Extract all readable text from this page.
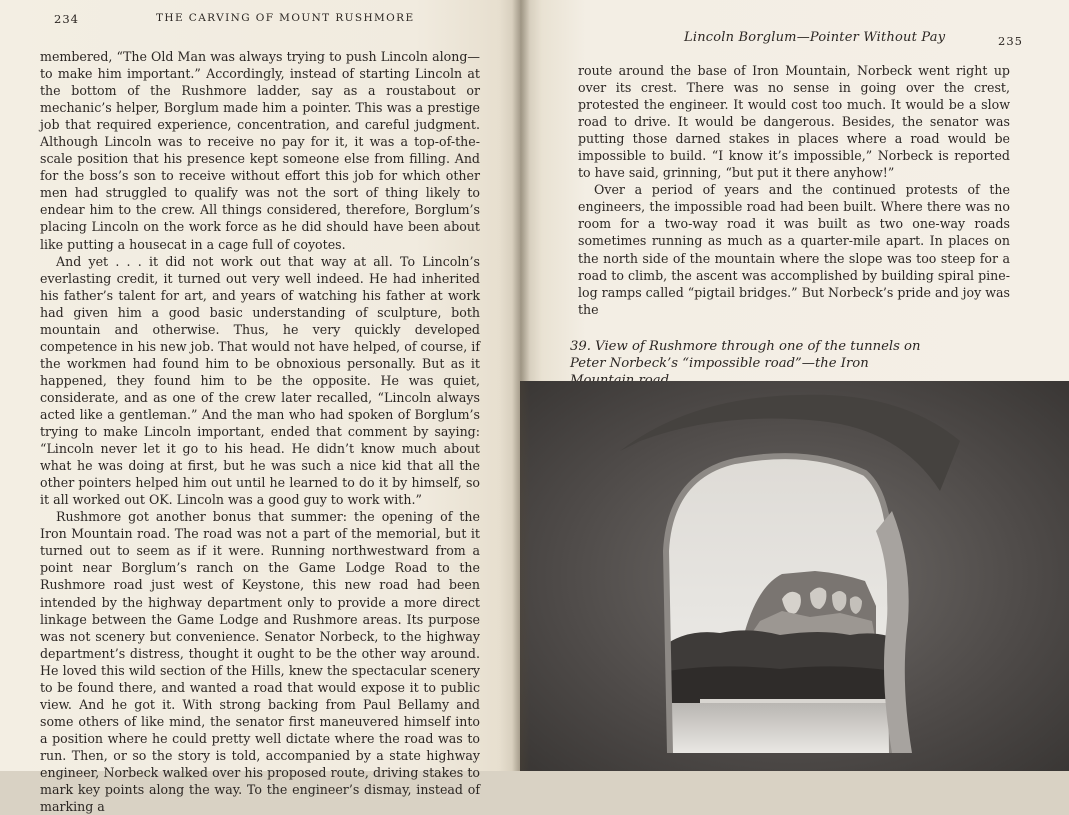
234	THE CARVING OF MOUNT RUSHMORE

membered, “The Old Man was always trying to push Lincoln along—to make him important.” Accordingly, instead of starting Lincoln at the bottom of the Rushmore ladder, say as a roustabout or mechanic’s helper, Borglum made him a pointer. This was a prestige job that required experience, concentration, and careful judgment. Although Lincoln was to receive no pay for it, it was a top-of-the-scale position that his presence kept someone else from filling. And for the boss’s son to receive without effort this job for which other men had struggled to qualify was not the sort of thing likely to endear him to the crew. All things considered, therefore, Borglum’s placing Lincoln on the work force as he did should have been about like putting a housecat in a cage full of coyotes.

And yet . . . it did not work out that way at all. To Lincoln’s everlasting credit, it turned out very well indeed. He had inherited his father’s talent for art, and years of watching his father at work had given him a good basic understanding of sculpture, both mountain and otherwise. Thus, he very quickly developed competence in his new job. That would not have helped, of course, if the workmen had found him to be obnoxious personally. But as it happened, they found him to be the opposite. He was quiet, considerate, and as one of the crew later recalled, “Lincoln always acted like a gentleman.” And the man who had spoken of Borglum’s trying to make Lincoln important, ended that comment by saying: “Lincoln never let it go to his head. He didn’t know much about what he was doing at first, but he was such a nice kid that all the other pointers helped him out until he learned to do it by himself, so it all worked out OK. Lincoln was a good guy to work with.”

Rushmore got another bonus that summer: the opening of the Iron Mountain road. The road was not a part of the memorial, but it turned out to seem as if it were. Running northwestward from a point near Borglum’s ranch on the Game Lodge Road to the Rushmore road just west of Keystone, this new road had been intended by the highway department only to provide a more direct linkage between the Game Lodge and Rushmore areas. Its purpose was not scenery but convenience. Senator Norbeck, to the highway department’s distress, thought it ought to be the other way around. He loved this wild section of the Hills, knew the spectacular scenery to be found there, and wanted a road that would expose it to public view. And he got it. With strong backing from Paul Bellamy and some others of like mind, the senator first maneuvered himself into a position where he could pretty well dictate where the road was to run. Then, or so the story is told, accompanied by a state highway engineer, Norbeck walked over his proposed route, driving stakes to mark key points along the way. To the engineer’s dismay, instead of marking a

Lincoln Borglum—Pointer Without Pay	235

route around the base of Iron Mountain, Norbeck went right up over its crest. There was no sense in going over the crest, protested the engineer. It would cost too much. It would be a slow road to drive. It would be dangerous. Besides, the senator was putting those darned stakes in places where a road would be impossible to build. “I know it’s impossible,” Norbeck is reported to have said, grinning, “but put it there anyhow!”

Over a period of years and the continued protests of the engineers, the impossible road had been built. Where there was no room for a two-way road it was built as two one-way roads sometimes running as much as a quarter-mile apart. In places on the north side of the mountain where the slope was too steep for a road to climb, the ascent was accomplished by building spiral pine-log ramps called “pigtail bridges.” But Norbeck’s pride and joy was the

39. View of Rushmore through one of the tunnels on Peter Norbeck’s “impossible road”—the Iron
